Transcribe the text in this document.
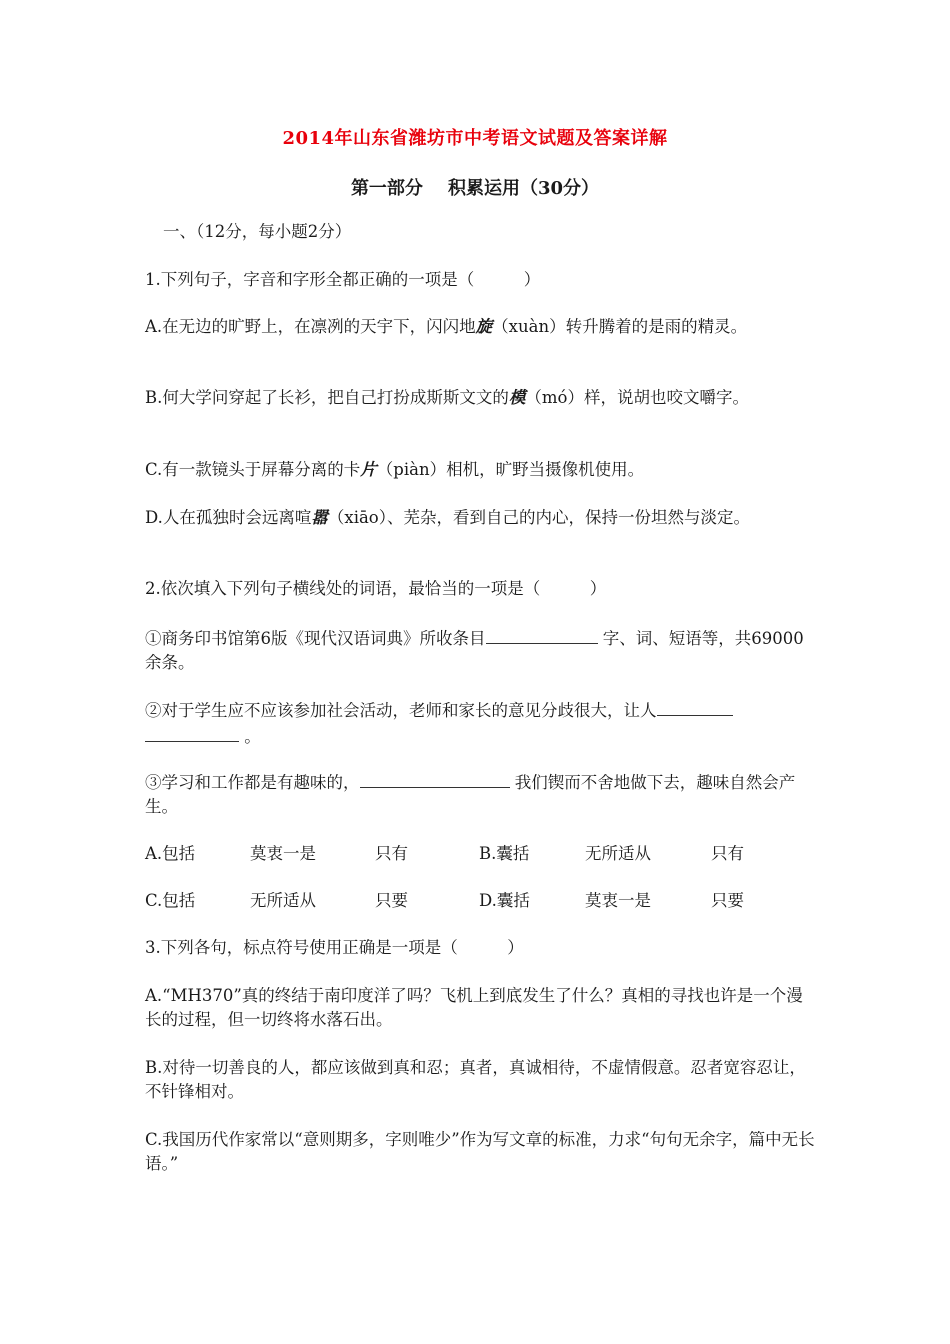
2014年山东省潍坊市中考语文试题及答案详解
第一部分    积累运用（30分）

一、（12分，每小题2分）

1.下列句子，字音和字形全都正确的一项是（　　　）

A.在无边的旷野上，在凛冽的天宇下，闪闪地旋（xuàn）转升腾着的是雨的精灵。

B.何大学问穿起了长衫，把自己打扮成斯斯文文的模（mó）样，说胡也咬文嚼字。

C.有一款镜头于屏幕分离的卡片（piàn）相机，旷野当摄像机使用。

D.人在孤独时会远离喧嚣（xiāo）、芜杂，看到自己的内心，保持一份坦然与淡定。

2.依次填入下列句子横线处的词语，最恰当的一项是（　　　）

①商务印书馆第6版《现代汉语词典》所收条目	字、词、短语等，共69000余条。

②对于学生应不应该参加社会活动，老师和家长的意见分歧很大，让人
。

③学习和工作都是有趣味的，	我们锲而不舍地做下去，趣味自然会产生。

A.包括	莫衷一是	只有	B.囊括	无所适从	只有
C.包括	无所适从	只要	D.囊括	莫衷一是	只要

3.下列各句，标点符号使用正确是一项是（　　　）

A.“MH370”真的终结于南印度洋了吗？飞机上到底发生了什么？真相的寻找也许是一个漫长的过程，但一切终将水落石出。

B.对待一切善良的人，都应该做到真和忍；真者，真诚相待，不虚情假意。忍者宽容忍让，不针锋相对。

C.我国历代作家常以“意则期多，字则唯少”作为写文章的标准，力求“句句无余字，篇中无长语。”
